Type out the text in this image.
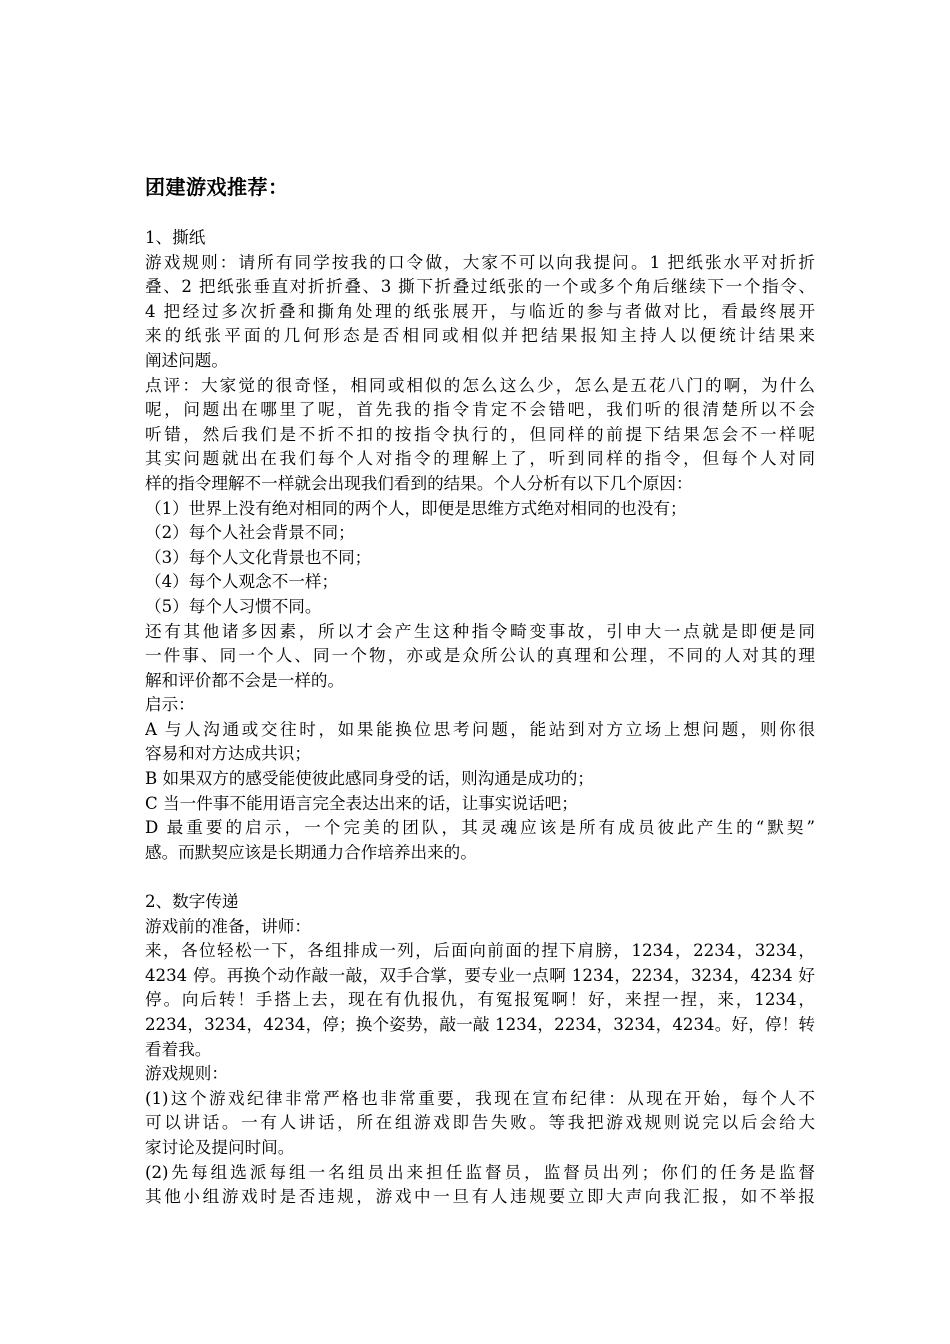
团建游戏推荐：
1、撕纸
游戏规则：请所有同学按我的口令做，大家不可以向我提问。1 把纸张水平对折折
叠、2 把纸张垂直对折折叠、3 撕下折叠过纸张的一个或多个角后继续下一个指令、
4 把经过多次折叠和撕角处理的纸张展开，与临近的参与者做对比，看最终展开
来的纸张平面的几何形态是否相同或相似并把结果报知主持人以便统计结果来
阐述问题。
点评：大家觉的很奇怪，相同或相似的怎么这么少，怎么是五花八门的啊，为什么
呢，问题出在哪里了呢，首先我的指令肯定不会错吧，我们听的很清楚所以不会
听错，然后我们是不折不扣的按指令执行的，但同样的前提下结果怎会不一样呢
其实问题就出在我们每个人对指令的理解上了，听到同样的指令，但每个人对同
样的指令理解不一样就会出现我们看到的结果。个人分析有以下几个原因：
（1）世界上没有绝对相同的两个人，即便是思维方式绝对相同的也没有；
（2）每个人社会背景不同；
（3）每个人文化背景也不同；
（4）每个人观念不一样；
（5）每个人习惯不同。
还有其他诸多因素，所以才会产生这种指令畸变事故，引申大一点就是即便是同
一件事、同一个人、同一个物，亦或是众所公认的真理和公理，不同的人对其的理
解和评价都不会是一样的。
启示：
A 与人沟通或交往时，如果能换位思考问题，能站到对方立场上想问题，则你很
容易和对方达成共识；
B 如果双方的感受能使彼此感同身受的话，则沟通是成功的；
C 当一件事不能用语言完全表达出来的话，让事实说话吧；
D 最重要的启示，一个完美的团队，其灵魂应该是所有成员彼此产生的“默契”
感。而默契应该是长期通力合作培养出来的。
2、数字传递
游戏前的准备，讲师：
来，各位轻松一下，各组排成一列，后面向前面的捏下肩膀，1234，2234，3234，
4234 停。再换个动作敲一敲，双手合掌，要专业一点啊 1234，2234，3234，4234 好
停。向后转！手搭上去，现在有仇报仇，有冤报冤啊！好，来捏一捏，来，1234，
2234，3234，4234，停；换个姿势，敲一敲 1234，2234，3234，4234。好，停！转
看着我。
游戏规则：
(1)这个游戏纪律非常严格也非常重要，我现在宣布纪律：从现在开始，每个人不
可以讲话。一有人讲话，所在组游戏即告失败。等我把游戏规则说完以后会给大
家讨论及提问时间。
(2)先每组选派每组一名组员出来担任监督员，监督员出列；你们的任务是监督
其他小组游戏时是否违规，游戏中一旦有人违规要立即大声向我汇报，如不举报
